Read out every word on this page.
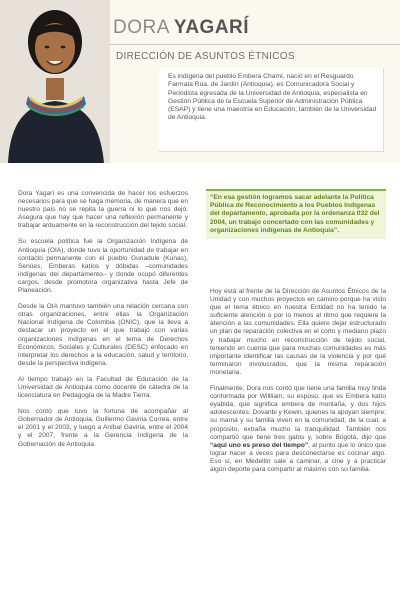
DORA YAGARÍ
DIRECCIÓN DE ASUNTOS ÉTNICOS
Es indígena del pueblo Embera Chamí, nació en el Resguardo Farmata Rúa, de Jardín (Antioquia), es Comunicadora Social y Periodista egresada de la Universidad de Antioquia, especialista en Gestión Pública de la Escuela Superior de Administración Pública (ESAP) y tiene una maestría en Educación, también de la Universidad de Antioquia.

Dora Yagarí es una convencida de hacer los esfuerzos necesarios para que se haga memoria, de manera que en nuestro país no se repita la guerra ni lo que nos dejó. Asegura que hay que hacer una reflexión permanente y trabajar arduamente en la reconstrucción del tejido social.

Su escuela política fue la Organización Indígena de Antioquia (OIA), donde tuvo la oportunidad de trabajar en contacto permanente con el pueblo Gunadule (Kunas), Senúes, Emberas katíos y dóbidas –comunidades indígenas del departamento– y donde ocupó diferentes cargos, desde promotora organizativa hasta Jefe de Planeación.

Desde la OIA mantuvo también una relación cercana con otras organizaciones, entre ellas la Organización Nacional Indígena de Colombia (ONIC), que la lleva a destacar un proyecto en el que trabajó con varias organizaciones indígenas en el tema de Derechos Económicos, Sociales y Culturales (DESC) enfocado en interpretar los derechos a la educación, salud y territorio, desde la perspectiva indígena.

Al tiempo trabajó en la Facultad de Educación de la Universidad de Antioquia como docente de cátedra de la licenciatura en Pedagogía de la Madre Tierra.

Nos contó que tuvo la fortuna de acompañar al Gobernador de Antioquia, Guillermo Gaviria Correa, entre el 2001 y el 2003, y luego a Aníbal Gaviria, entre el 2004 y el 2007, frente a la Gerencia Indígena de la Gobernación de Antioquia.

“En esa gestión logramos sacar adelante la Política Pública de Reconocimiento a los Pueblos Indígenas del departamento, aprobada por la ordenanza 032 del 2004, un trabajo concertado con las comunidades y organizaciones indígenas de Antioquia”.

Hoy está al frente de la Dirección de Asuntos Étnicos de la Unidad y con muchos proyectos en camino porque ha visto que el tema étnico en nuestra Entidad no ha tenido la suficiente atención o por lo menos al ritmo que requiere la atención a las comunidades. Ella quiere dejar estructurado un plan de reparación colectiva en el corto y mediano plazo y trabajar mucho en reconstrucción de tejido social, teniendo en cuenta que para muchas comunidades es más importante identificar las causas de la violencia y por qué terminaron involucrados, que la misma reparación monetaria.

Finalmente, Dora nos contó que tiene una familia muy linda conformada por Willliam, su esposo, que es Embera katío eyabida, que significa embera de montaña, y dos hijos adolescentes: Dovanbi y Kewin, quienes la apoyan siempre; su mamá y su familia viven en la comunidad, de la cual, a propósito, extraña mucho la tranquilidad. También nos compartió que tiene tres gatos y, sobre Bogotá, dijo que “aquí uno es preso del tiempo”, al punto que lo único que lograr hacer a veces para desconectarse es cocinar algo. Eso sí, en Medellín sale a caminar, a cine y a practicar algún deporte para compartir al máximo con su familia.
